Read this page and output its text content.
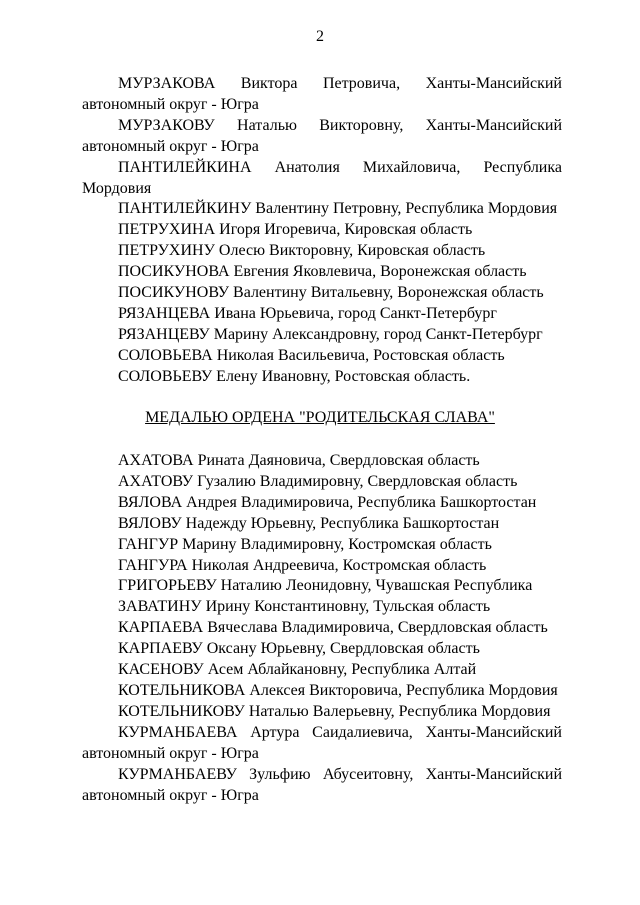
2
МУРЗАКОВА Виктора Петровича, Ханты-Мансийский
автономный округ - Югра
МУРЗАКОВУ Наталью Викторовну, Ханты-Мансийский
автономный округ - Югра
ПАНТИЛЕЙКИНА Анатолия Михайловича, Республика
Мордовия
ПАНТИЛЕЙКИНУ Валентину Петровну, Республика Мордовия
ПЕТРУХИНА Игоря Игоревича, Кировская область
ПЕТРУХИНУ Олесю Викторовну, Кировская область
ПОСИКУНОВА Евгения Яковлевича, Воронежская область
ПОСИКУНОВУ Валентину Витальевну, Воронежская область
РЯЗАНЦЕВА Ивана Юрьевича, город Санкт-Петербург
РЯЗАНЦЕВУ Марину Александровну, город Санкт-Петербург
СОЛОВЬЕВА Николая Васильевича, Ростовская область
СОЛОВЬЕВУ Елену Ивановну, Ростовская область.
МЕДАЛЬЮ ОРДЕНА "РОДИТЕЛЬСКАЯ СЛАВА"
АХАТОВА Рината Даяновича, Свердловская область
АХАТОВУ Гузалию Владимировну, Свердловская область
ВЯЛОВА Андрея Владимировича, Республика Башкортостан
ВЯЛОВУ Надежду Юрьевну, Республика Башкортостан
ГАНГУР Марину Владимировну, Костромская область
ГАНГУРА Николая Андреевича, Костромская область
ГРИГОРЬЕВУ Наталию Леонидовну, Чувашская Республика
ЗАВАТИНУ Ирину Константиновну, Тульская область
КАРПАЕВА Вячеслава Владимировича, Свердловская область
КАРПАЕВУ Оксану Юрьевну, Свердловская область
КАСЕНОВУ Асем Аблайкановну, Республика Алтай
КОТЕЛЬНИКОВА Алексея Викторовича, Республика Мордовия
КОТЕЛЬНИКОВУ Наталью Валерьевну, Республика Мордовия
КУРМАНБАЕВА Артура Саидалиевича, Ханты-Мансийский
автономный округ - Югра
КУРМАНБАЕВУ Зульфию Абусеитовну, Ханты-Мансийский
автономный округ - Югра
